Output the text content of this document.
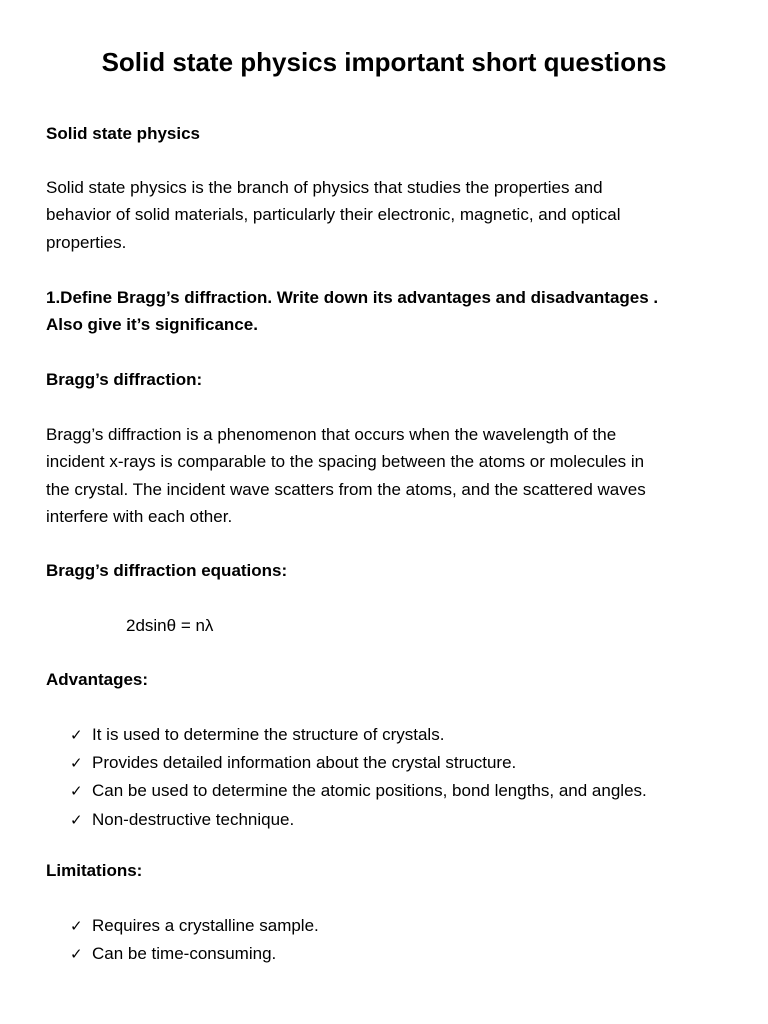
Solid state physics important short questions

Solid state physics

Solid state physics is the branch of physics that studies the properties and

behavior of solid materials, particularly their electronic, magnetic, and optical

properties.

1.Define Bragg’s diffraction. Write down its advantages and disadvantages .

Also give it’s significance.

Bragg’s diffraction:

Bragg’s diffraction is a phenomenon that occurs when the wavelength of the

incident x-rays is comparable to the spacing between the atoms or molecules in

the crystal. The incident wave scatters from the atoms, and the scattered waves

interfere with each other.

Bragg’s diffraction equations:

2dsinθ = nλ

Advantages:

✓ It is used to determine the structure of crystals.
✓ Provides detailed information about the crystal structure.
✓ Can be used to determine the atomic positions, bond lengths, and angles.
✓ Non-destructive technique.

Limitations:

✓ Requires a crystalline sample.
✓ Can be time-consuming.
